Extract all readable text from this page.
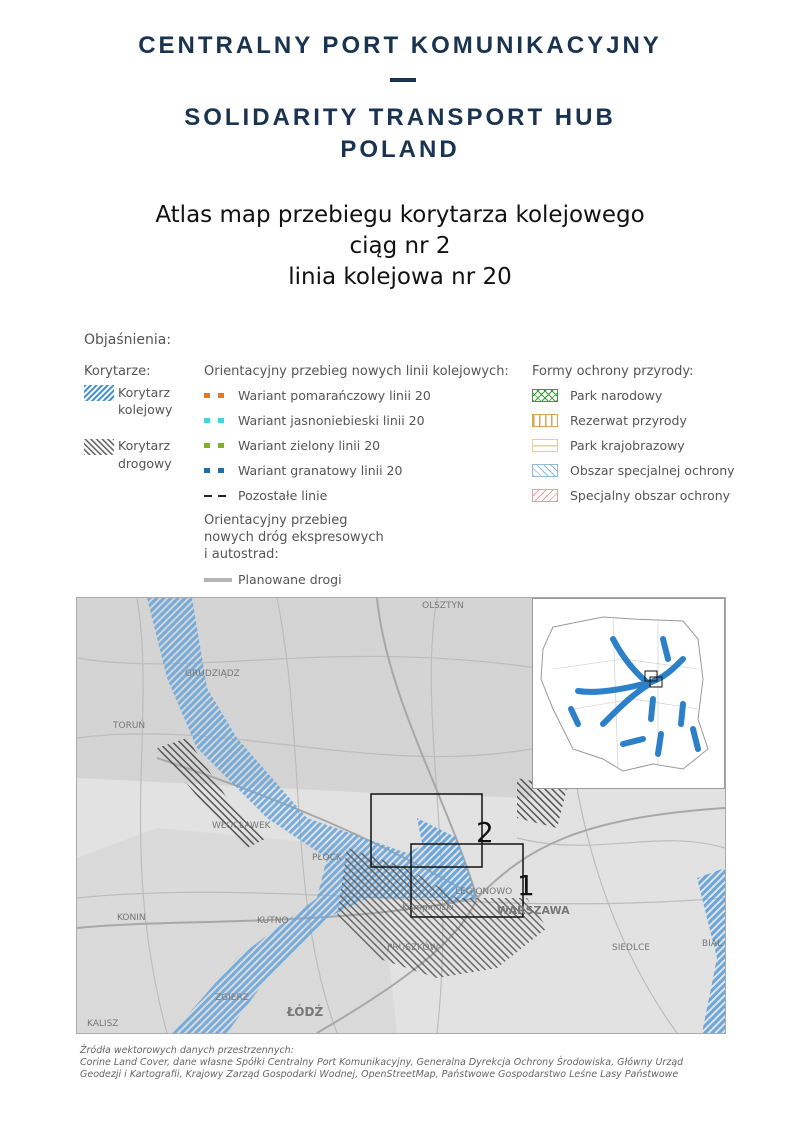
CENTRALNY PORT KOMUNIKACYJNY
SOLIDARITY TRANSPORT HUB
POLAND
Atlas map przebiegu korytarza kolejowego
ciąg nr 2
linia kolejowa nr 20
Objaśnienia:
Korytarze:
Korytarz
kolejowy
Korytarz
drogowy
Orientacyjny przebieg nowych linii kolejowych:
Wariant pomarańczowy linii 20
Wariant jasnoniebieski linii 20
Wariant zielony linii 20
Wariant granatowy linii 20
Pozostałe linie
Orientacyjny przebieg
nowych dróg ekspresowych
i autostrad:
Planowane drogi
Formy ochrony przyrody:
Park narodowy
Rezerwat przyrody
Park krajobrazowy
Obszar specjalnej ochrony
Specjalny obszar ochrony
2
1
OLSZTYN
GRUDZIĄDZ
TORUŃ
WŁOCŁAWEK
PŁOCK
LEGIONOWO
WARSZAWA
KONIN	KUTNO
PRUSZKÓW	SIEDLCE	BIAŁ
ZGIERZ
ŁÓDŹ
KALISZ
Kampinoski
Źródła wektorowych danych przestrzennych:
Corine Land Cover, dane własne Spółki Centralny Port Komunikacyjny, Generalna Dyrekcja Ochrony Środowiska, Główny Urząd
Geodezji i Kartografii, Krajowy Zarząd Gospodarki Wodnej, OpenStreetMap, Państwowe Gospodarstwo Leśne Lasy Państwowe
